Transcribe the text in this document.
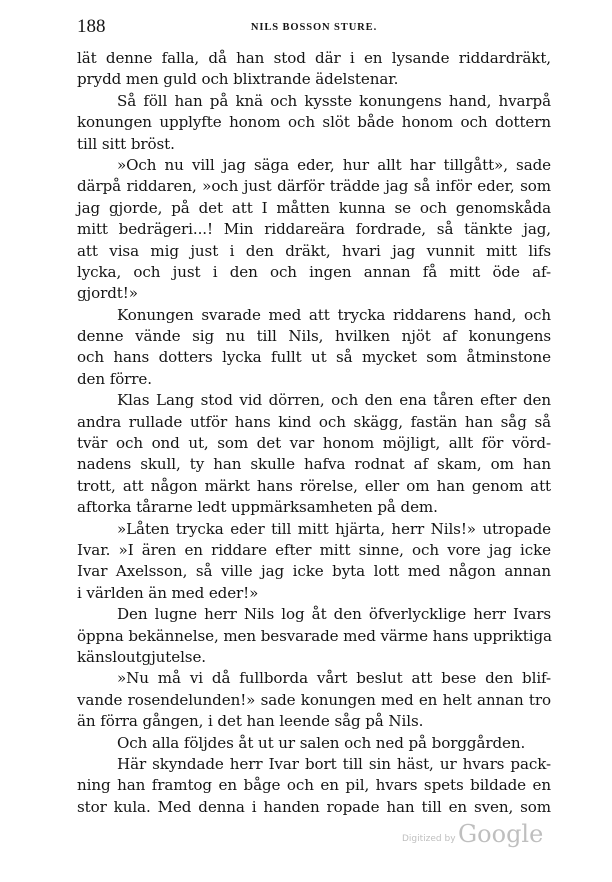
188	NILS BOSSON STURE.
lät denne falla, då han stod där i en lysande riddardräkt,
prydd men guld och blixtrande ädelstenar.
Så föll han på knä och kysste konungens hand, hvarpå
konungen upplyfte honom och slöt både honom och dottern
till sitt bröst.
»Och nu vill jag säga eder, hur allt har tillgått», sade
därpå riddaren, »och just därför trädde jag så inför eder, som
jag gjorde, på det att I måtten kunna se och genomskåda
mitt bedrägeri...! Min riddareära fordrade, så tänkte jag,
att visa mig just i den dräkt, hvari jag vunnit mitt lifs
lycka, och just i den och ingen annan få mitt öde af-
gjordt!»
Konungen svarade med att trycka riddarens hand, och
denne vände sig nu till Nils, hvilken njöt af konungens
och hans dotters lycka fullt ut så mycket som åtminstone
den förre.
Klas Lang stod vid dörren, och den ena tåren efter den
andra rullade utför hans kind och skägg, fastän han såg så
tvär och ond ut, som det var honom möjligt, allt för vörd-
nadens skull, ty han skulle hafva rodnat af skam, om han
trott, att någon märkt hans rörelse, eller om han genom att
aftorka tårarne ledt uppmärksamheten på dem.
»Låten trycka eder till mitt hjärta, herr Nils!» utropade
Ivar. »I ären en riddare efter mitt sinne, och vore jag icke
Ivar Axelsson, så ville jag icke byta lott med någon annan
i världen än med eder!»
Den lugne herr Nils log åt den öfverlycklige herr Ivars
öppna bekännelse, men besvarade med värme hans uppriktiga
känsloutgjutelse.
»Nu må vi då fullborda vårt beslut att bese den blif-
vande rosendelunden!» sade konungen med en helt annan tro
än förra gången, i det han leende såg på Nils.
Och alla följdes åt ut ur salen och ned på borggården.
Här skyndade herr Ivar bort till sin häst, ur hvars pack-
ning han framtog en båge och en pil, hvars spets bildade en
stor kula. Med denna i handen ropade han till en sven, som
Digitized by Google
